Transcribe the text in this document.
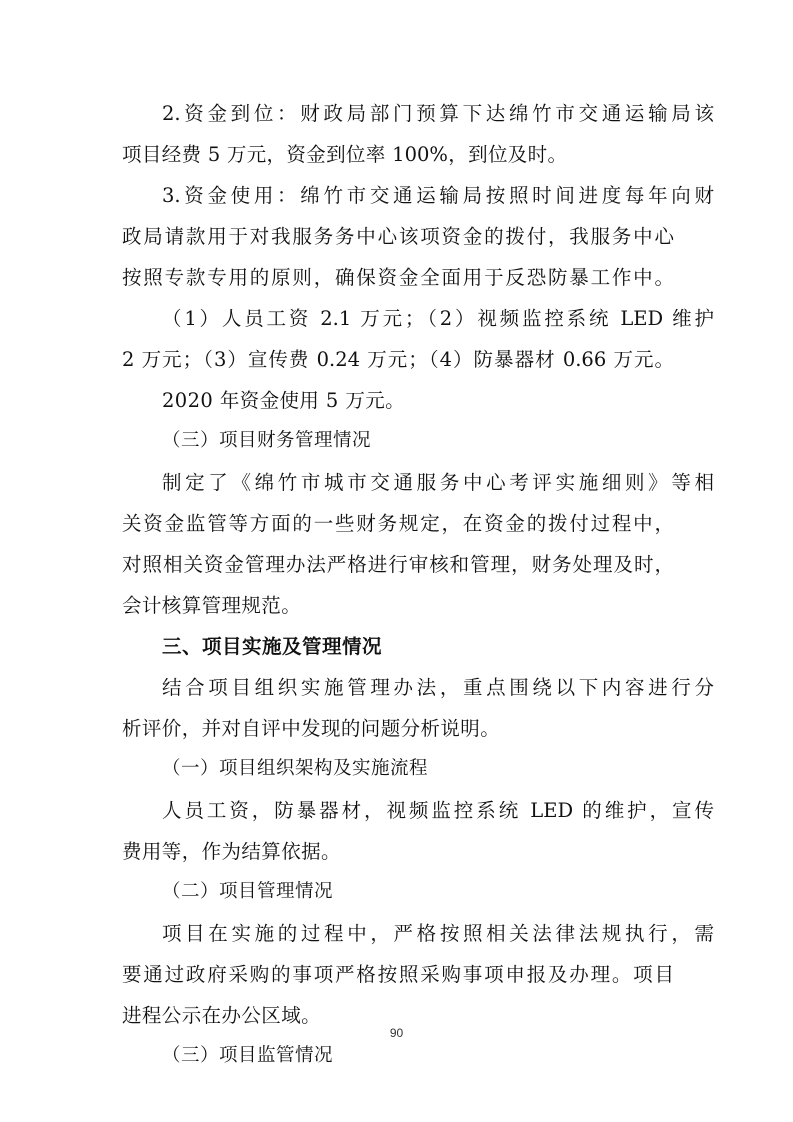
2.资金到位：财政局部门预算下达绵竹市交通运输局该

项目经费 5 万元，资金到位率 100%，到位及时。

3.资金使用：绵竹市交通运输局按照时间进度每年向财

政局请款用于对我服务务中心该项资金的拨付，我服务中心

按照专款专用的原则，确保资金全面用于反恐防暴工作中。

（1）人员工资 2.1 万元；（2）视频监控系统 LED 维护

2 万元；（3）宣传费 0.24 万元；（4）防暴器材 0.66 万元。

2020 年资金使用 5 万元。

（三）项目财务管理情况

制定了《绵竹市城市交通服务中心考评实施细则》等相

关资金监管等方面的一些财务规定，在资金的拨付过程中，

对照相关资金管理办法严格进行审核和管理，财务处理及时，

会计核算管理规范。

三、项目实施及管理情况

结合项目组织实施管理办法，重点围绕以下内容进行分

析评价，并对自评中发现的问题分析说明。

（一）项目组织架构及实施流程

人员工资，防暴器材，视频监控系统 LED 的维护，宣传

费用等，作为结算依据。

（二）项目管理情况

项目在实施的过程中，严格按照相关法律法规执行，需

要通过政府采购的事项严格按照采购事项申报及办理。项目

进程公示在办公区域。

（三）项目监管情况

90
